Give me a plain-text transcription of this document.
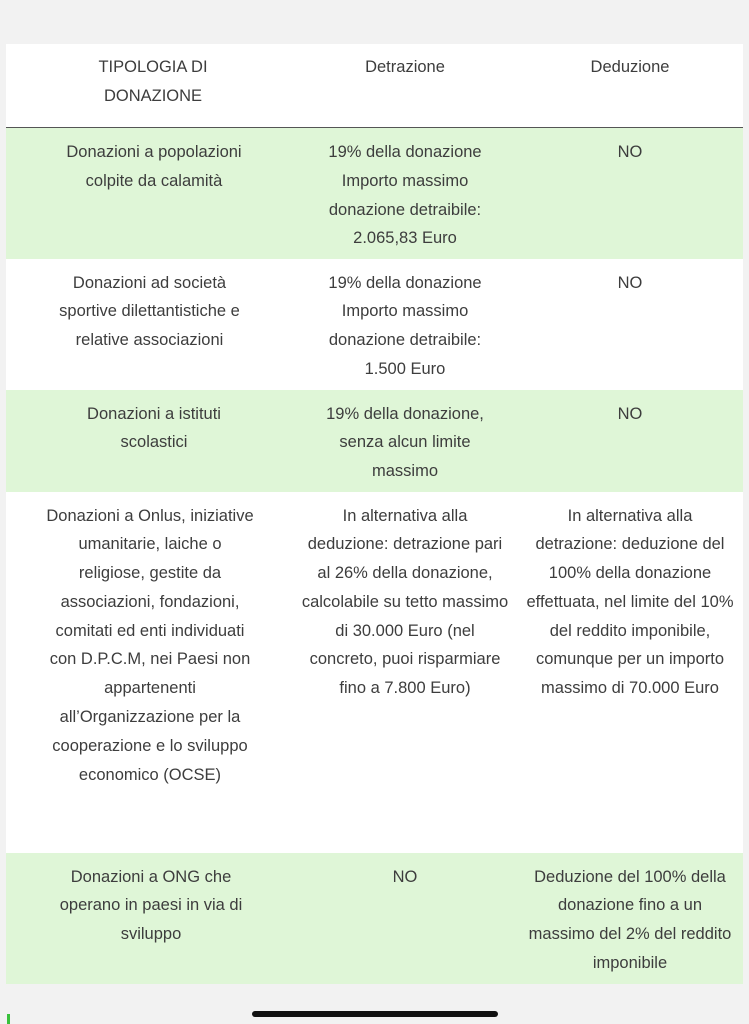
TIPOLOGIA DI DONAZIONE	Detrazione	Deduzione

Donazioni a popolazioni colpite da calamità	19% della donazione Importo massimo donazione detraibile: 2.065,83 Euro	NO

Donazioni ad società sportive dilettantistiche e relative associazioni	19% della donazione Importo massimo donazione detraibile: 1.500 Euro	NO

Donazioni a istituti scolastici	19% della donazione, senza alcun limite massimo	NO

Donazioni a Onlus, iniziative umanitarie, laiche o religiose, gestite da associazioni, fondazioni, comitati ed enti individuati con D.P.C.M, nei Paesi non appartenenti all’Organizzazione per la cooperazione e lo sviluppo economico (OCSE)	In alternativa alla deduzione: detrazione pari al 26% della donazione, calcolabile su tetto massimo di 30.000 Euro (nel concreto, puoi risparmiare fino a 7.800 Euro)	In alternativa alla detrazione: deduzione del 100% della donazione effettuata, nel limite del 10% del reddito imponibile, comunque per un importo massimo di 70.000 Euro

Donazioni a ONG che operano in paesi in via di sviluppo	NO	Deduzione del 100% della donazione fino a un massimo del 2% del reddito imponibile
